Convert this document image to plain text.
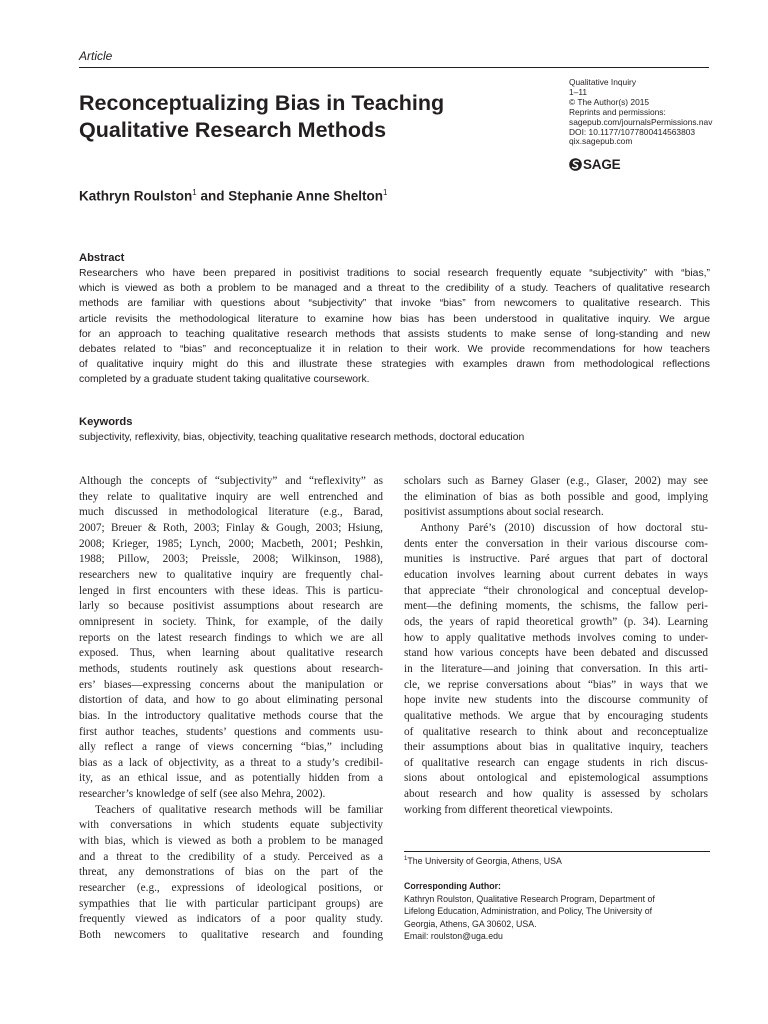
Article
Reconceptualizing Bias in Teaching
Qualitative Research Methods
Qualitative Inquiry
1–11
© The Author(s) 2015
Reprints and permissions:
sagepub.com/journalsPermissions.nav
DOI: 10.1177/1077800414563803
qix.sagepub.com
SAGE
Kathryn Roulston$^1$ and Stephanie Anne Shelton$^1$
Abstract
Researchers who have been prepared in positivist traditions to social research frequently equate “subjectivity” with “bias,”
which is viewed as both a problem to be managed and a threat to the credibility of a study. Teachers of qualitative research
methods are familiar with questions about “subjectivity” that invoke “bias” from newcomers to qualitative research. This
article revisits the methodological literature to examine how bias has been understood in qualitative inquiry. We argue
for an approach to teaching qualitative research methods that assists students to make sense of long-standing and new
debates related to “bias” and reconceptualize it in relation to their work. We provide recommendations for how teachers
of qualitative inquiry might do this and illustrate these strategies with examples drawn from methodological reflections
completed by a graduate student taking qualitative coursework.
Keywords
subjectivity, reflexivity, bias, objectivity, teaching qualitative research methods, doctoral education
Although the concepts of “subjectivity” and “reflexivity” as
they relate to qualitative inquiry are well entrenched and
much discussed in methodological literature (e.g., Barad,
2007; Breuer & Roth, 2003; Finlay & Gough, 2003; Hsiung,
2008; Krieger, 1985; Lynch, 2000; Macbeth, 2001; Peshkin,
1988; Pillow, 2003; Preissle, 2008; Wilkinson, 1988),
researchers new to qualitative inquiry are frequently chal-
lenged in first encounters with these ideas. This is particu-
larly so because positivist assumptions about research are
omnipresent in society. Think, for example, of the daily
reports on the latest research findings to which we are all
exposed. Thus, when learning about qualitative research
methods, students routinely ask questions about research-
ers’ biases—expressing concerns about the manipulation or
distortion of data, and how to go about eliminating personal
bias. In the introductory qualitative methods course that the
first author teaches, students’ questions and comments usu-
ally reflect a range of views concerning “bias,” including
bias as a lack of objectivity, as a threat to a study’s credibil-
ity, as an ethical issue, and as potentially hidden from a
researcher’s knowledge of self (see also Mehra, 2002).
Teachers of qualitative research methods will be familiar
with conversations in which students equate subjectivity
with bias, which is viewed as both a problem to be managed
and a threat to the credibility of a study. Perceived as a
threat, any demonstrations of bias on the part of the
researcher (e.g., expressions of ideological positions, or
sympathies that lie with particular participant groups) are
frequently viewed as indicators of a poor quality study.
Both newcomers to qualitative research and founding
scholars such as Barney Glaser (e.g., Glaser, 2002) may see
the elimination of bias as both possible and good, implying
positivist assumptions about social research.
Anthony Paré’s (2010) discussion of how doctoral stu-
dents enter the conversation in their various discourse com-
munities is instructive. Paré argues that part of doctoral
education involves learning about current debates in ways
that appreciate “their chronological and conceptual develop-
ment—the defining moments, the schisms, the fallow peri-
ods, the years of rapid theoretical growth” (p. 34). Learning
how to apply qualitative methods involves coming to under-
stand how various concepts have been debated and discussed
in the literature—and joining that conversation. In this arti-
cle, we reprise conversations about “bias” in ways that we
hope invite new students into the discourse community of
qualitative methods. We argue that by encouraging students
of qualitative research to think about and reconceptualize
their assumptions about bias in qualitative inquiry, teachers
of qualitative research can engage students in rich discus-
sions about ontological and epistemological assumptions
about research and how quality is assessed by scholars
working from different theoretical viewpoints.
$^1$The University of Georgia, Athens, USA
Corresponding Author:
Kathryn Roulston, Qualitative Research Program, Department of
Lifelong Education, Administration, and Policy, The University of
Georgia, Athens, GA 30602, USA.
Email: roulston@uga.edu
